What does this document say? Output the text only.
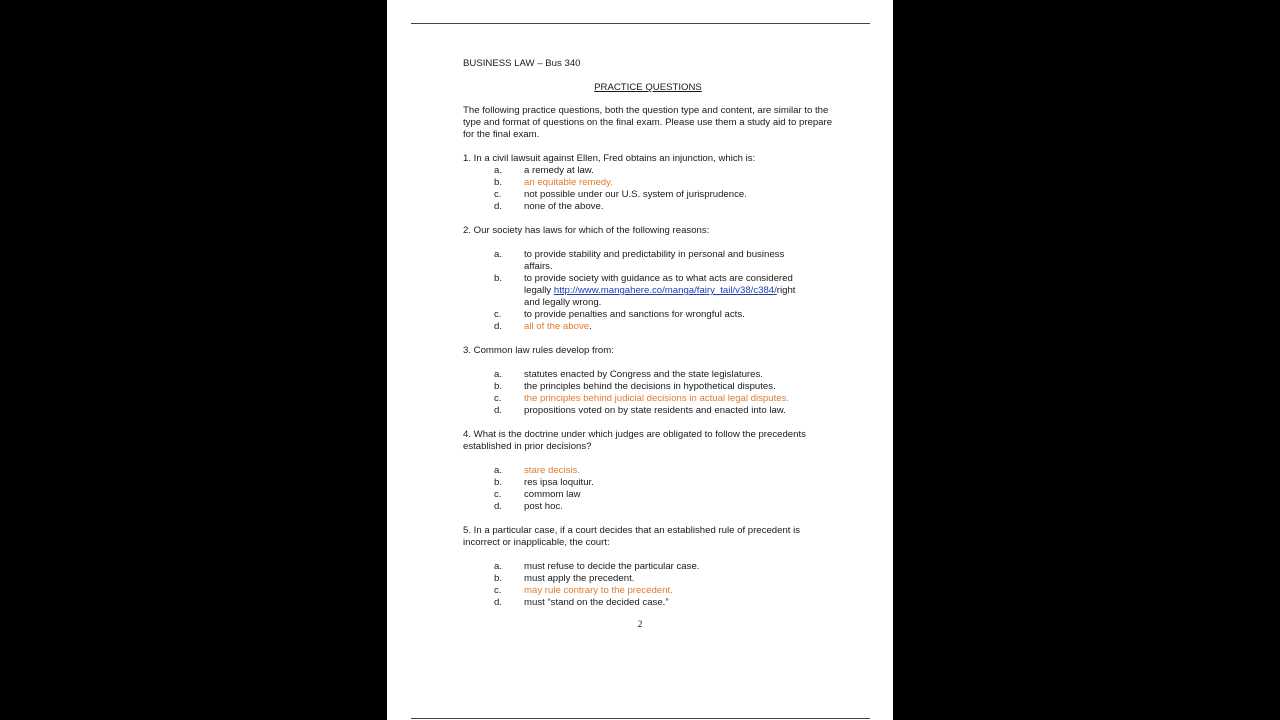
BUSINESS LAW – Bus 340

PRACTICE QUESTIONS

The following practice questions, both the question type and content, are similar to the type and format of questions on the final exam. Please use them a study aid to prepare for the final exam.

1. In a civil lawsuit against Ellen, Fred obtains an injunction, which is:

a.	a remedy at law.
b.	an equitable remedy.
c.	not possible under our U.S. system of jurisprudence.
d.	none of the above.

2. Our society has laws for which of the following reasons:

a.	to provide stability and predictability in personal and business affairs.
b.	to provide society with guidance as to what acts are considered legally http://www.mangahere.co/manga/fairy_tail/v38/c384/right and legally wrong.
c.	to provide penalties and sanctions for wrongful acts.
d.	all of the above.

3. Common law rules develop from:

a.	statutes enacted by Congress and the state legislatures.
b.	the principles behind the decisions in hypothetical disputes.
c.	the principles behind judicial decisions in actual legal disputes.
d.	propositions voted on by state residents and enacted into law.

4. What is the doctrine under which judges are obligated to follow the precedents established in prior decisions?

a.	stare decisis.
b.	res ipsa loquitur.
c.	commom law
d.	post hoc.

5. In a particular case, if a court decides that an established rule of precedent is incorrect or inapplicable, the court:

a.	must refuse to decide the particular case.
b.	must apply the precedent.
c.	may rule contrary to the precedent.
d.	must “stand on the decided case.”
2
